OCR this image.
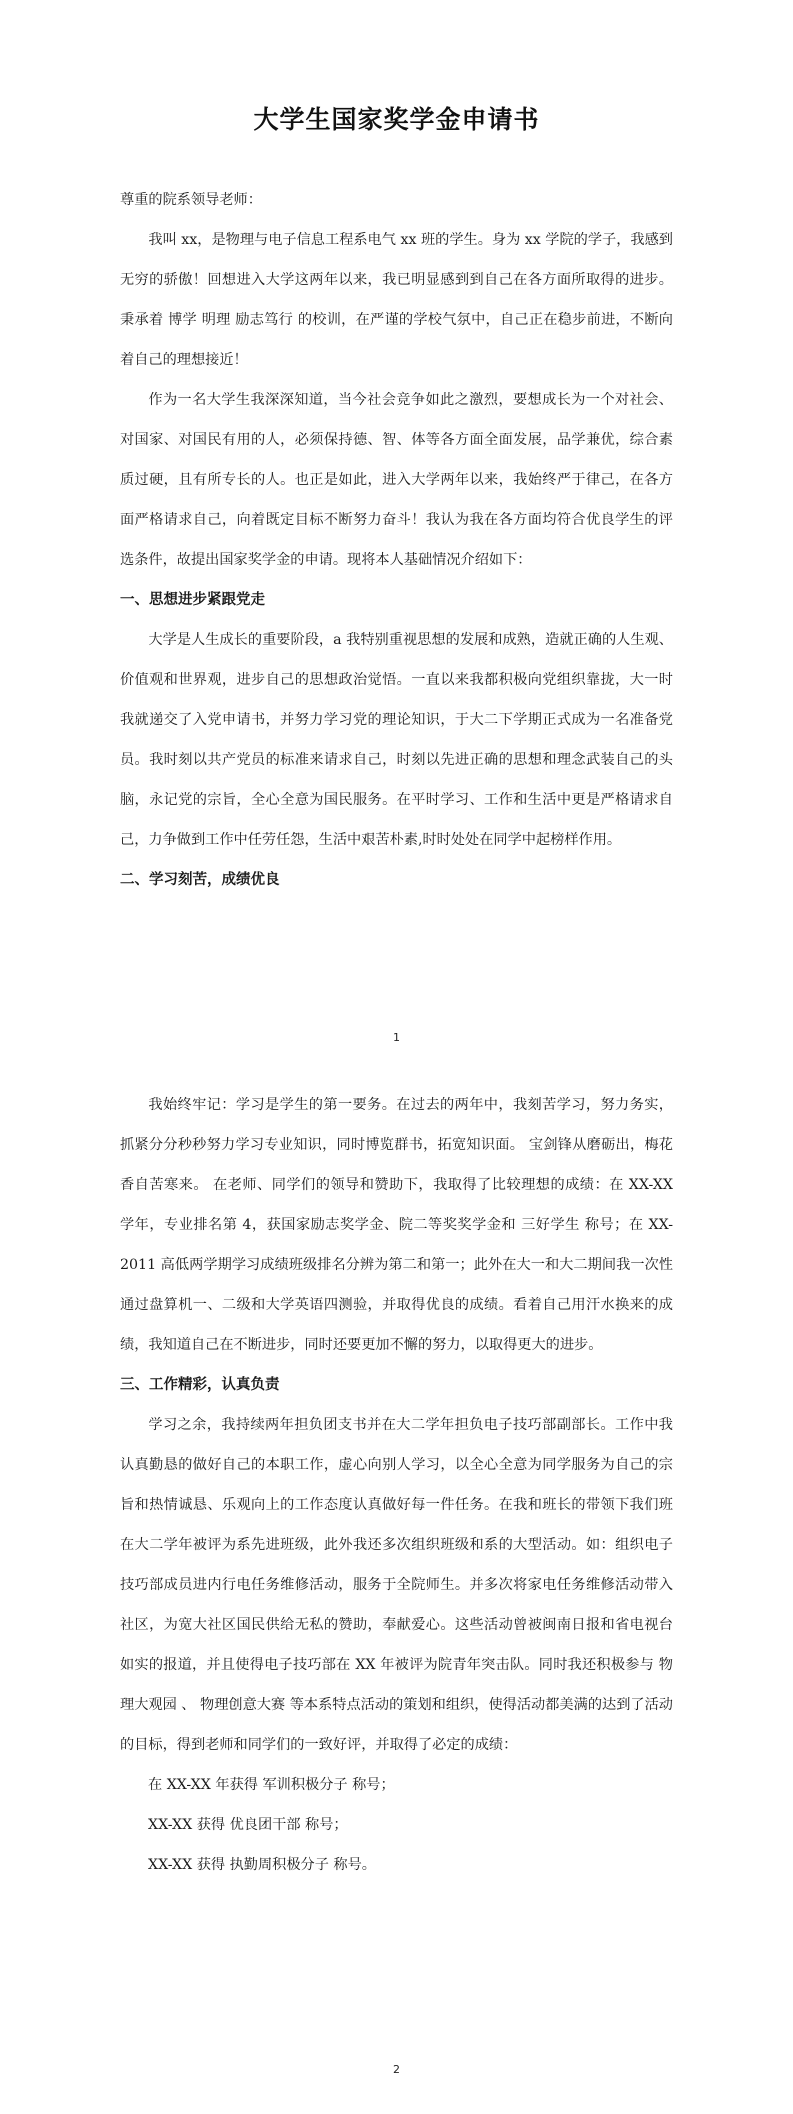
大学生国家奖学金申请书

尊重的院系领导老师：

我叫 xx，是物理与电子信息工程系电气 xx 班的学生。身为 xx 学院的学子，我感到无穷的骄傲！回想进入大学这两年以来，我已明显感到到自己在各方面所取得的进步。秉承着 博学 明理 励志笃行 的校训，在严谨的学校气氛中，自己正在稳步前进，不断向着自己的理想接近！

作为一名大学生我深深知道，当今社会竞争如此之激烈，要想成长为一个对社会、对国家、对国民有用的人，必须保持德、智、体等各方面全面发展，品学兼优，综合素质过硬，且有所专长的人。也正是如此，进入大学两年以来，我始终严于律己，在各方面严格请求自己，向着既定目标不断努力奋斗！我认为我在各方面均符合优良学生的评选条件，故提出国家奖学金的申请。现将本人基础情况介绍如下：

一、思想进步紧跟党走

大学是人生成长的重要阶段，a 我特别重视思想的发展和成熟，造就正确的人生观、价值观和世界观，进步自己的思想政治觉悟。一直以来我都积极向党组织靠拢，大一时我就递交了入党申请书，并努力学习党的理论知识，于大二下学期正式成为一名准备党员。我时刻以共产党员的标准来请求自己，时刻以先进正确的思想和理念武装自己的头脑，永记党的宗旨，全心全意为国民服务。在平时学习、工作和生活中更是严格请求自己，力争做到工作中任劳任怨，生活中艰苦朴素,时时处处在同学中起榜样作用。

二、学习刻苦，成绩优良

1

我始终牢记：学习是学生的第一要务。在过去的两年中，我刻苦学习，努力务实，抓紧分分秒秒努力学习专业知识，同时博览群书，拓宽知识面。 宝剑锋从磨砺出，梅花香自苦寒来。 在老师、同学们的领导和赞助下，我取得了比较理想的成绩：在 XX-XX 学年，专业排名第 4，获国家励志奖学金、院二等奖奖学金和 三好学生 称号；在 XX-2011 高低两学期学习成绩班级排名分辨为第二和第一；此外在大一和大二期间我一次性通过盘算机一、二级和大学英语四测验，并取得优良的成绩。看着自己用汗水换来的成绩，我知道自己在不断进步，同时还要更加不懈的努力，以取得更大的进步。

三、工作精彩，认真负责

学习之余，我持续两年担负团支书并在大二学年担负电子技巧部副部长。工作中我认真勤恳的做好自己的本职工作，虚心向别人学习，以全心全意为同学服务为自己的宗旨和热情诚恳、乐观向上的工作态度认真做好每一件任务。在我和班长的带领下我们班在大二学年被评为系先进班级，此外我还多次组织班级和系的大型活动。如：组织电子技巧部成员进内行电任务维修活动，服务于全院师生。并多次将家电任务维修活动带入社区，为宽大社区国民供给无私的赞助，奉献爱心。这些活动曾被闽南日报和省电视台如实的报道，并且使得电子技巧部在 XX 年被评为院青年突击队。同时我还积极参与 物理大观园 、 物理创意大赛 等本系特点活动的策划和组织，使得活动都美满的达到了活动的目标，得到老师和同学们的一致好评，并取得了必定的成绩：

在 XX-XX 年获得 军训积极分子 称号；

XX-XX 获得 优良团干部 称号；

XX-XX 获得 执勤周积极分子 称号。

2
